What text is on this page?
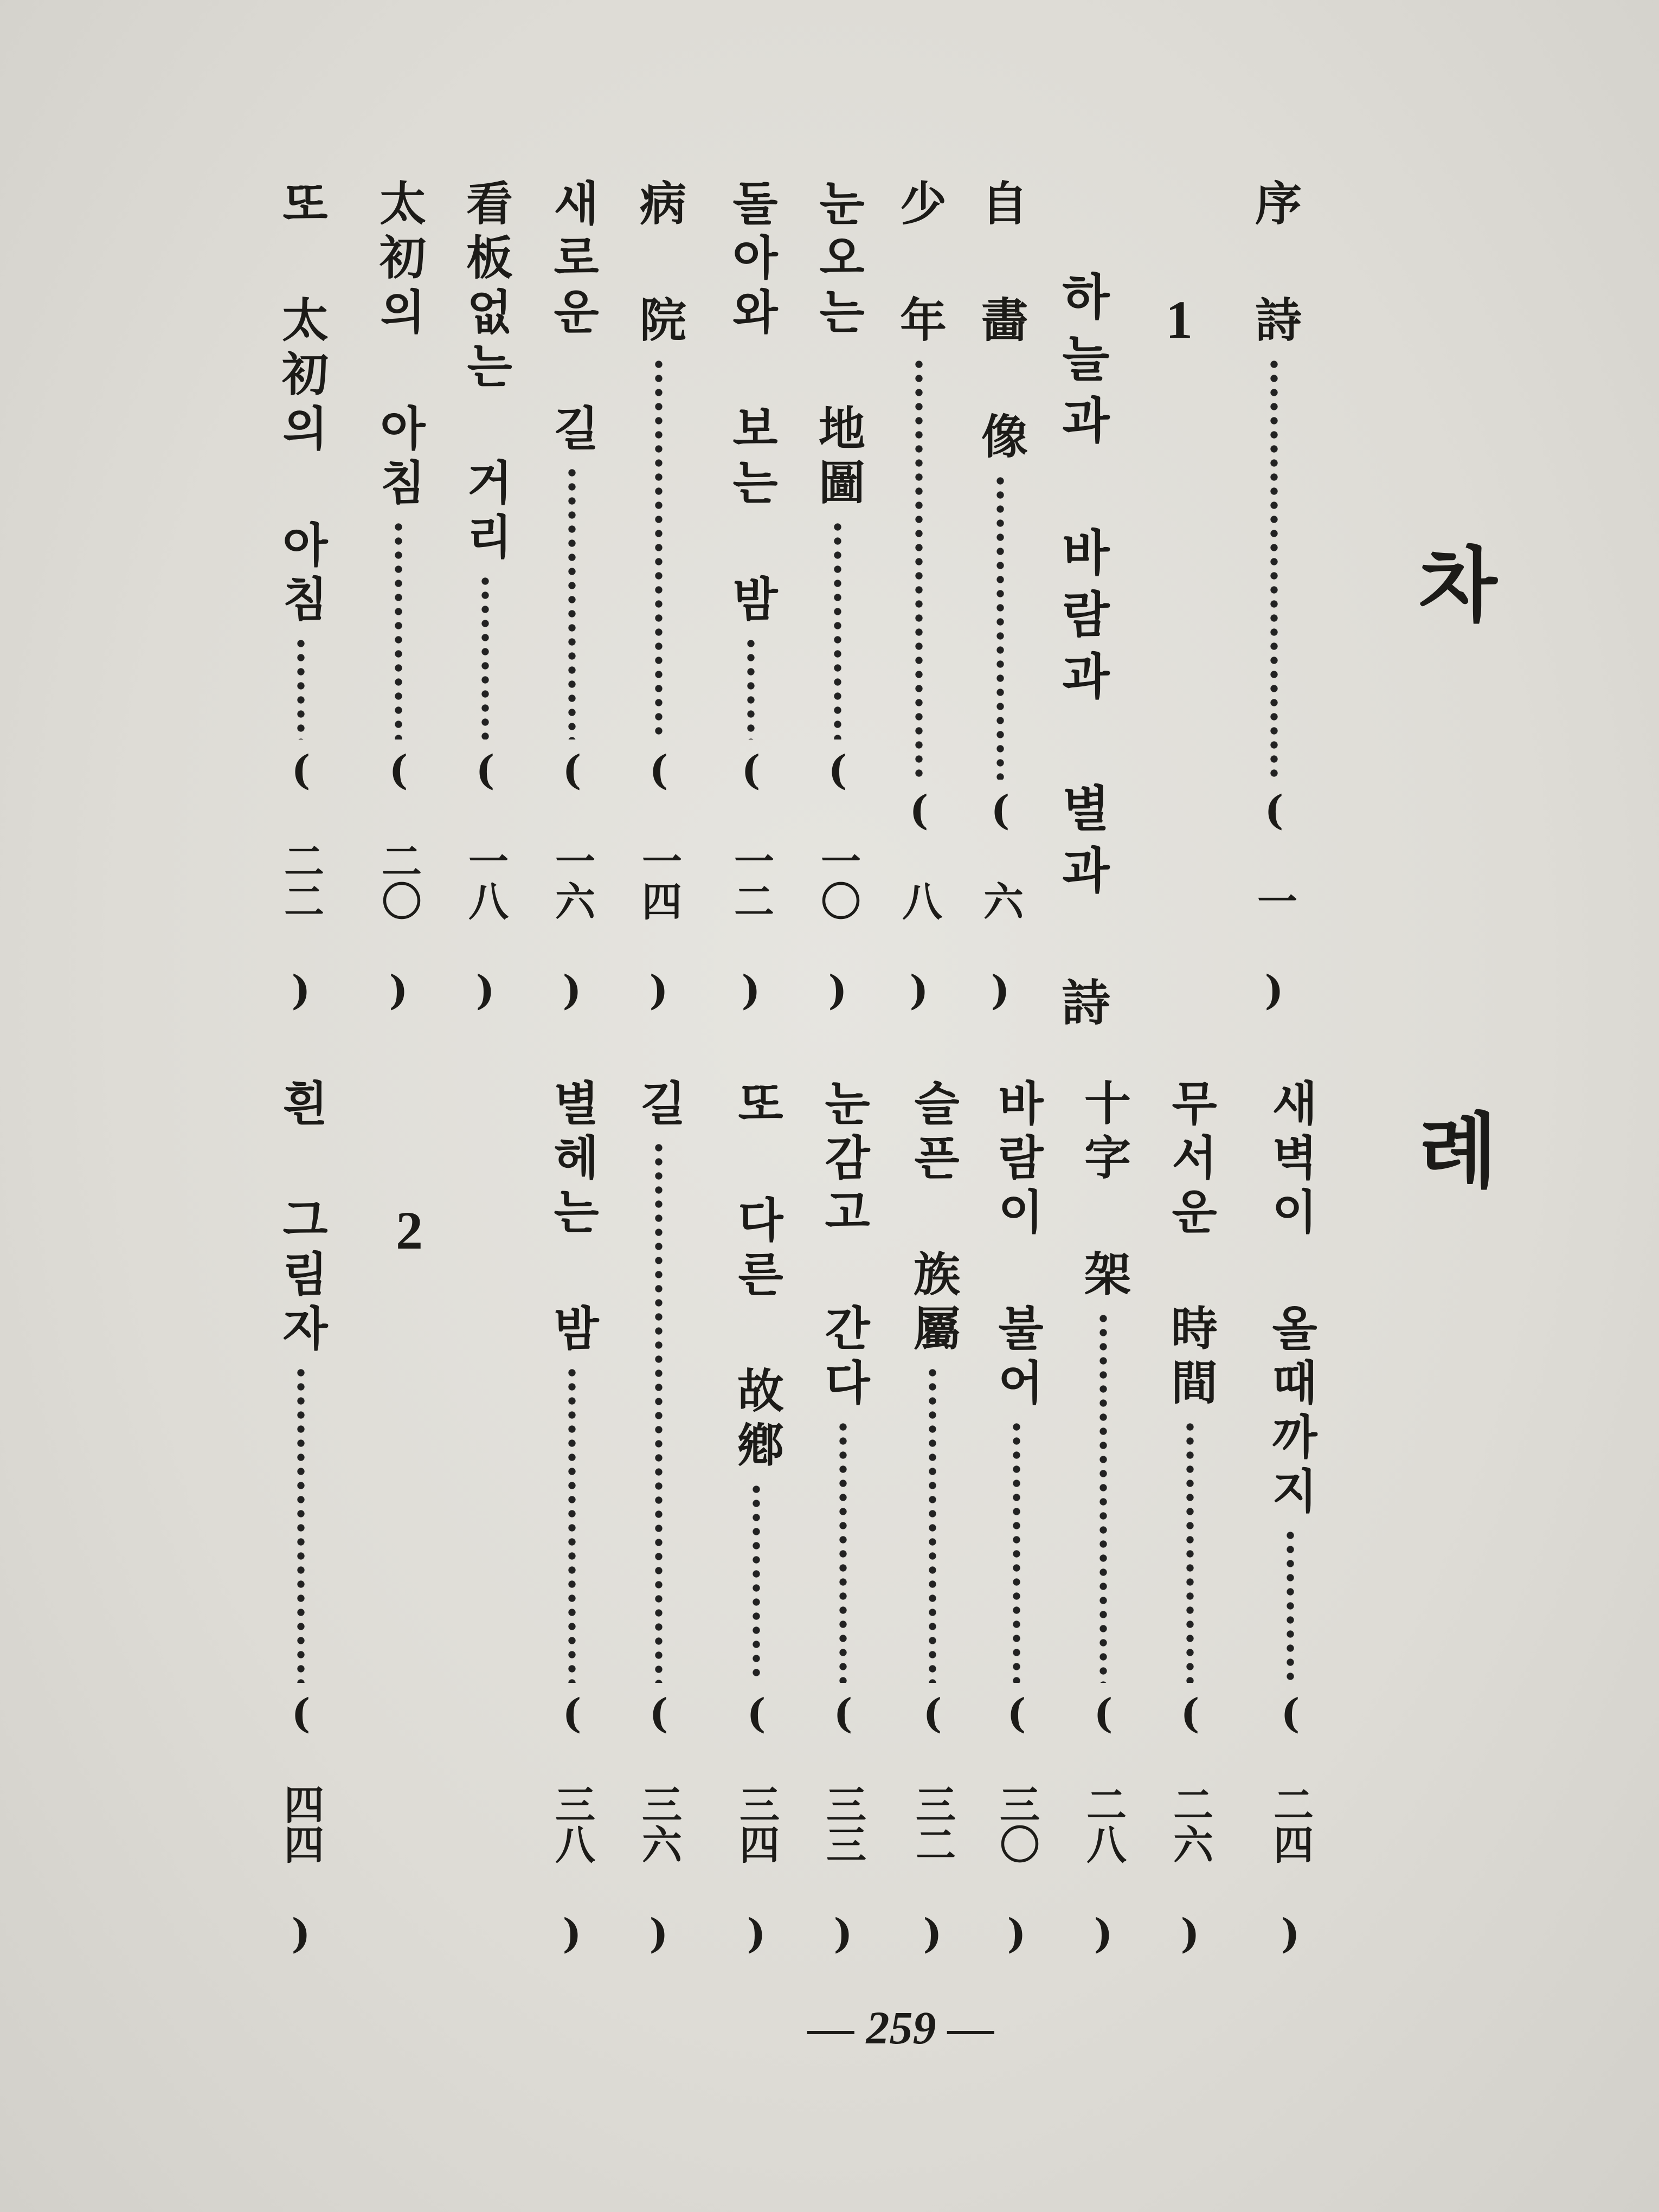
차 례
序 詩
( 一 )
1
하늘과 바람과 별과 詩
自 畵 像
( 六 )
少 年
( 八 )
눈오는 地圖
( 一〇 )
돌아와 보는 밤
( 一二 )
病 院
( 一四 )
새로운 길
( 一六 )
看板없는 거리
( 一八 )
太初의 아침
( 二〇 )
또 太初의 아침
( 二二 )
새벽이 올때까지
( 二四 )
무서운 時間
( 二六 )
十字 架
( 二八 )
바람이 불어
( 三〇 )
슬픈 族屬
( 三二 )
눈감고 간다
( 三三 )
또 다른 故鄕
( 三四 )
길
( 三六 )
별헤는 밤
( 三八 )
2
흰 그림자
( 四四 )
— 259 —
